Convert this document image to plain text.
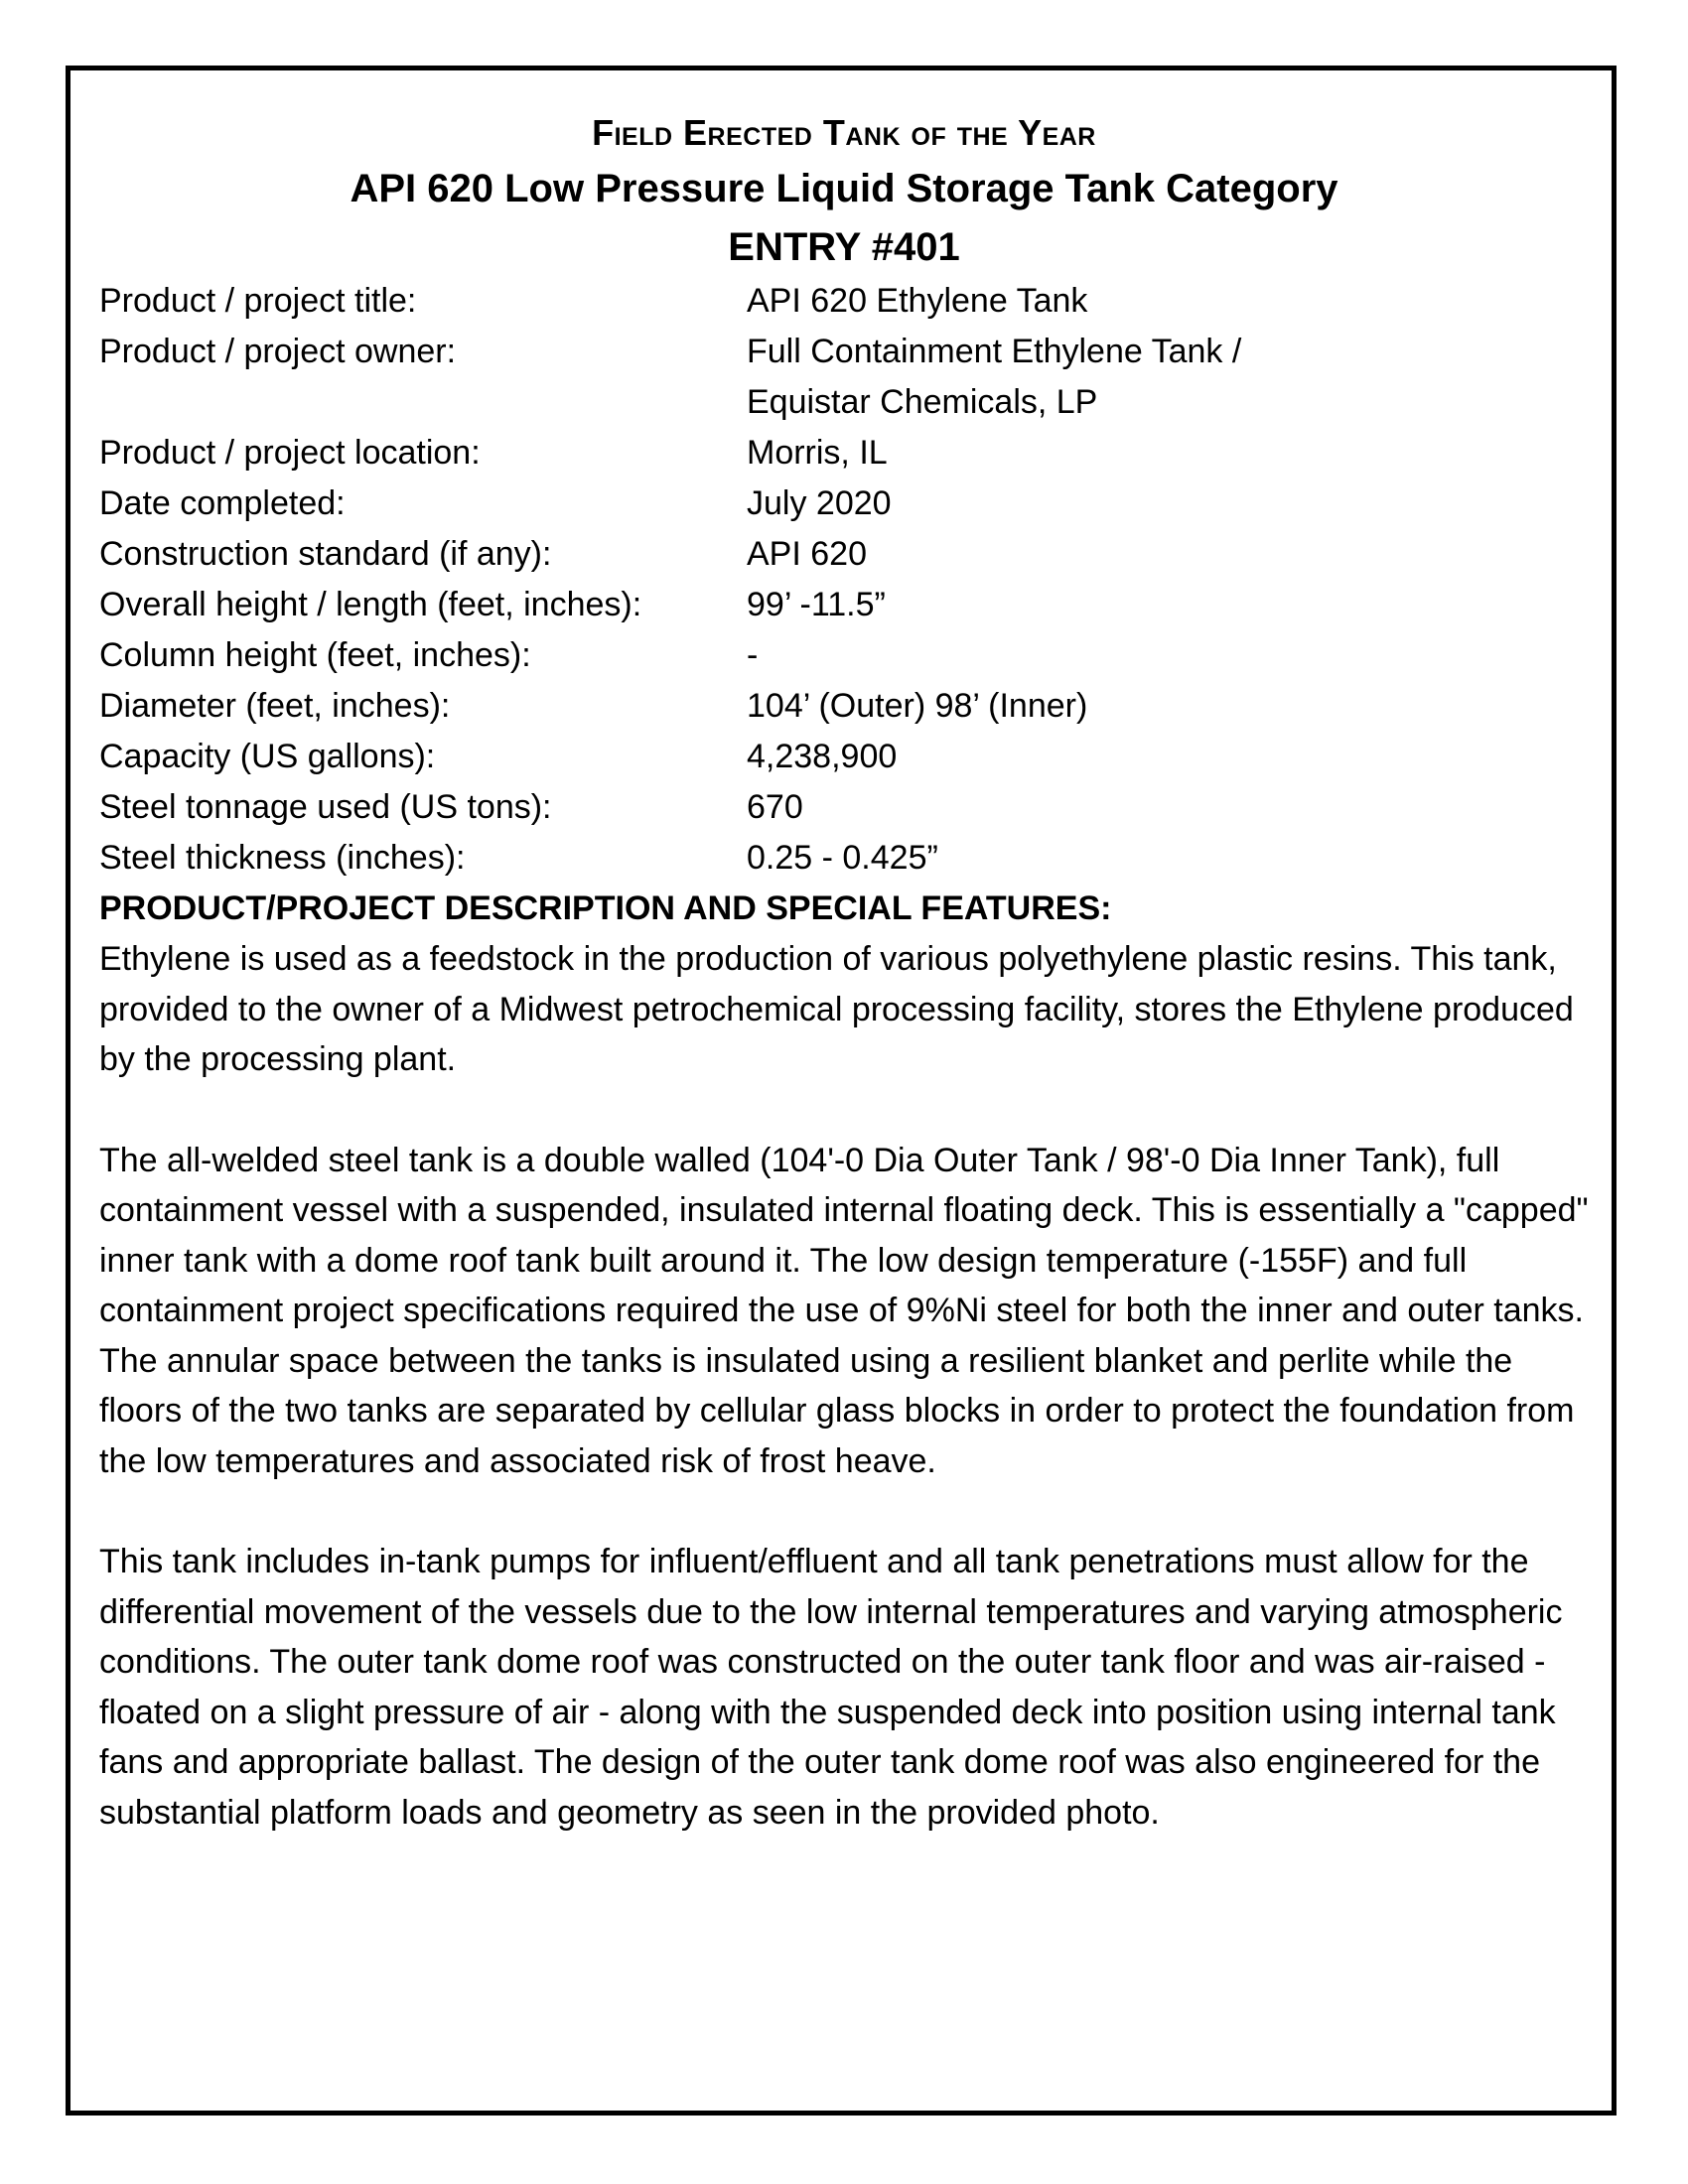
Field Erected Tank of the Year
API 620 Low Pressure Liquid Storage Tank Category
ENTRY #401
Product / project title:	API 620 Ethylene Tank
Product / project owner:	Full Containment Ethylene Tank /
Equistar Chemicals, LP
Product / project location:	Morris, IL
Date completed:	July 2020
Construction standard (if any):	API 620
Overall height / length (feet, inches):	99’ -11.5”
Column height (feet, inches):	-
Diameter (feet, inches):	104’ (Outer) 98’ (Inner)
Capacity (US gallons):	4,238,900
Steel tonnage used (US tons):	670
Steel thickness (inches):	0.25 - 0.425”
PRODUCT/PROJECT DESCRIPTION AND SPECIAL FEATURES:

Ethylene is used as a feedstock in the production of various polyethylene plastic resins. This tank, provided to the owner of a Midwest petrochemical processing facility, stores the Ethylene produced by the processing plant.

The all-welded steel tank is a double walled (104'-0 Dia Outer Tank / 98'-0 Dia Inner Tank), full containment vessel with a suspended, insulated internal floating deck. This is essentially a "capped" inner tank with a dome roof tank built around it. The low design temperature (-155F) and full containment project specifications required the use of 9%Ni steel for both the inner and outer tanks. The annular space between the tanks is insulated using a resilient blanket and perlite while the floors of the two tanks are separated by cellular glass blocks in order to protect the foundation from the low temperatures and associated risk of frost heave.

This tank includes in-tank pumps for influent/effluent and all tank penetrations must allow for the differential movement of the vessels due to the low internal temperatures and varying atmospheric conditions. The outer tank dome roof was constructed on the outer tank floor and was air-raised - floated on a slight pressure of air - along with the suspended deck into position using internal tank fans and appropriate ballast. The design of the outer tank dome roof was also engineered for the substantial platform loads and geometry as seen in the provided photo.
